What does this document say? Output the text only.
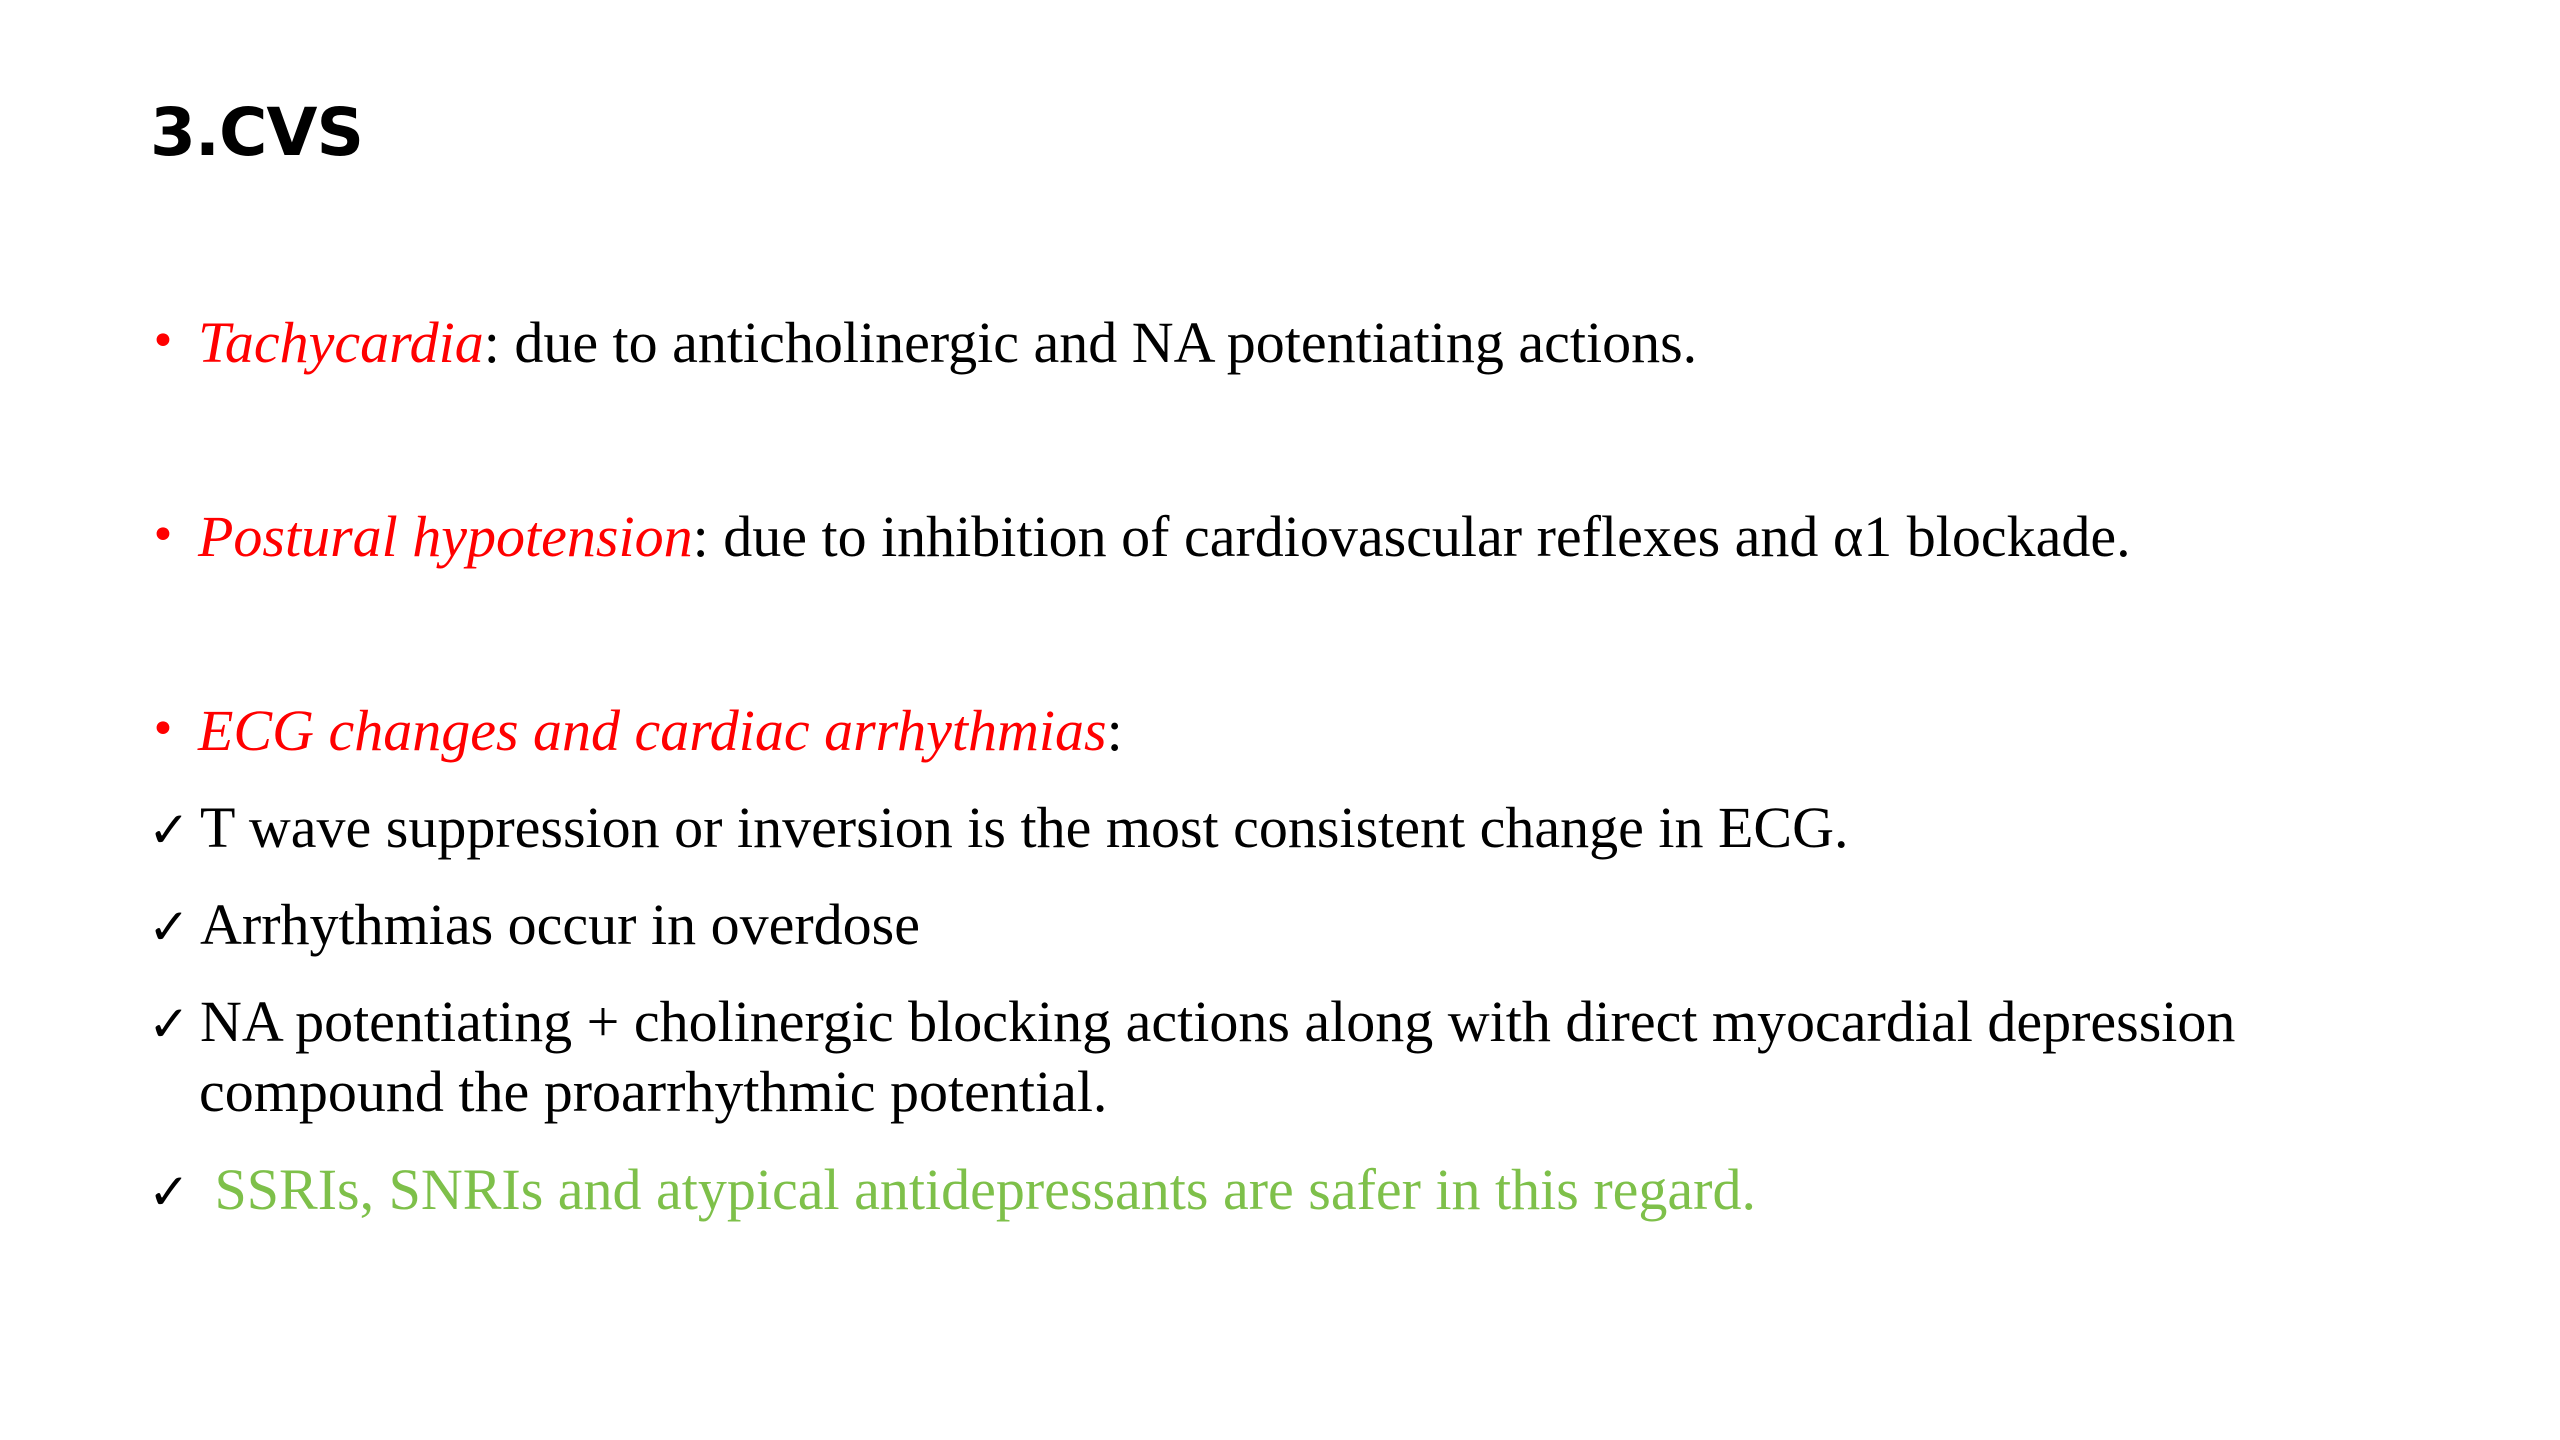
3.CVS
• Tachycardia: due to anticholinergic and NA potentiating actions.
• Postural hypotension: due to inhibition of cardiovascular reflexes and α1 blockade.
• ECG changes and cardiac arrhythmias:
✓ T wave suppression or inversion is the most consistent change in ECG.
✓ Arrhythmias occur in overdose
✓ NA potentiating + cholinergic blocking actions along with direct myocardial depression
compound the proarrhythmic potential.
✓ SSRIs, SNRIs and atypical antidepressants are safer in this regard.
